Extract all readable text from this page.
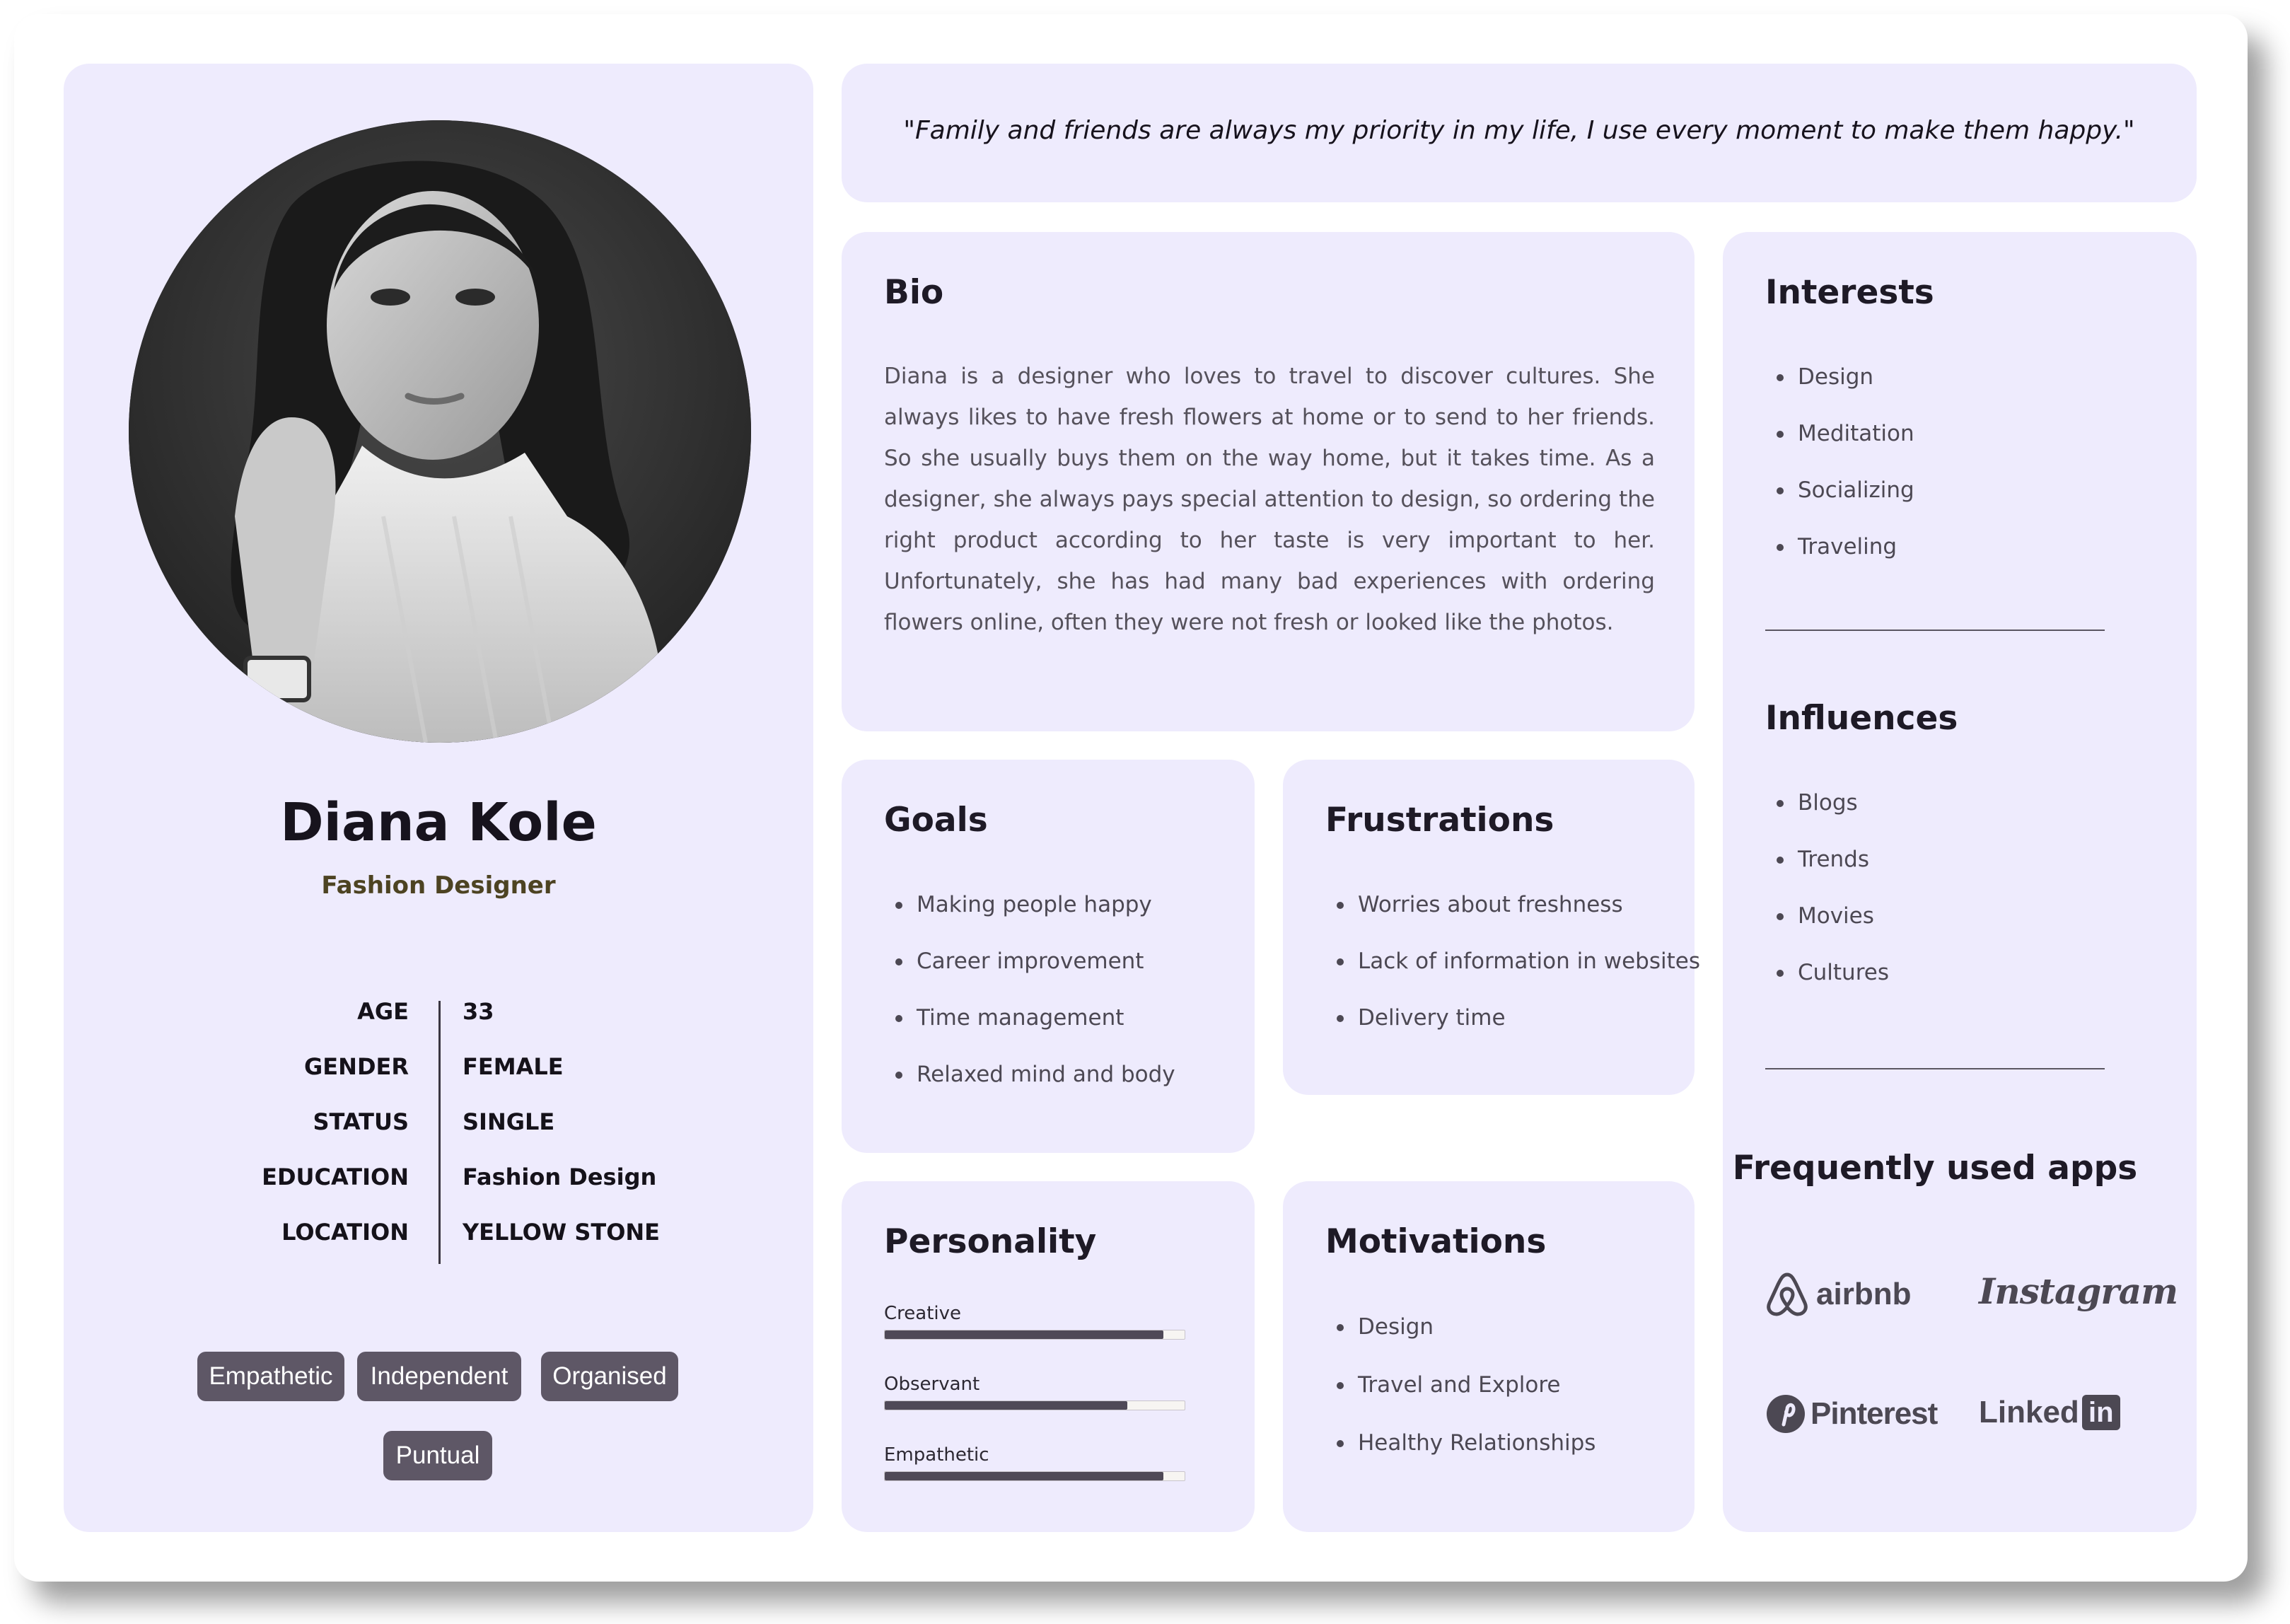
Diana Kole
Fashion Designer
AGE 33
GENDER FEMALE
STATUS SINGLE
EDUCATION Fashion Design
LOCATION YELLOW STONE
Empathetic	Independent	Organised
Puntual
"Family and friends are always my priority in my life, I use every moment to make them happy."
Bio
Diana is a designer who loves to travel to discover cultures. She always likes to have fresh flowers at home or to send to her friends. So she usually buys them on the way home, but it takes time. As a designer, she always pays special attention to design, so ordering the right product according to her taste is very important to her. Unfortunately, she has had many bad experiences with ordering flowers online, often they were not fresh or looked like the photos.
Interests
Design
Meditation
Socializing
Traveling
Influences
Blogs
Trends
Movies
Cultures
Frequently used apps
airbnb Instagram
Pinterest Linked in
Goals
Making people happy
Career improvement
Time management
Relaxed mind and body
Frustrations
Worries about freshness
Lack of information in websites
Delivery time
Personality
Creative
Observant
Empathetic
Motivations
Design
Travel and Explore
Healthy Relationships
